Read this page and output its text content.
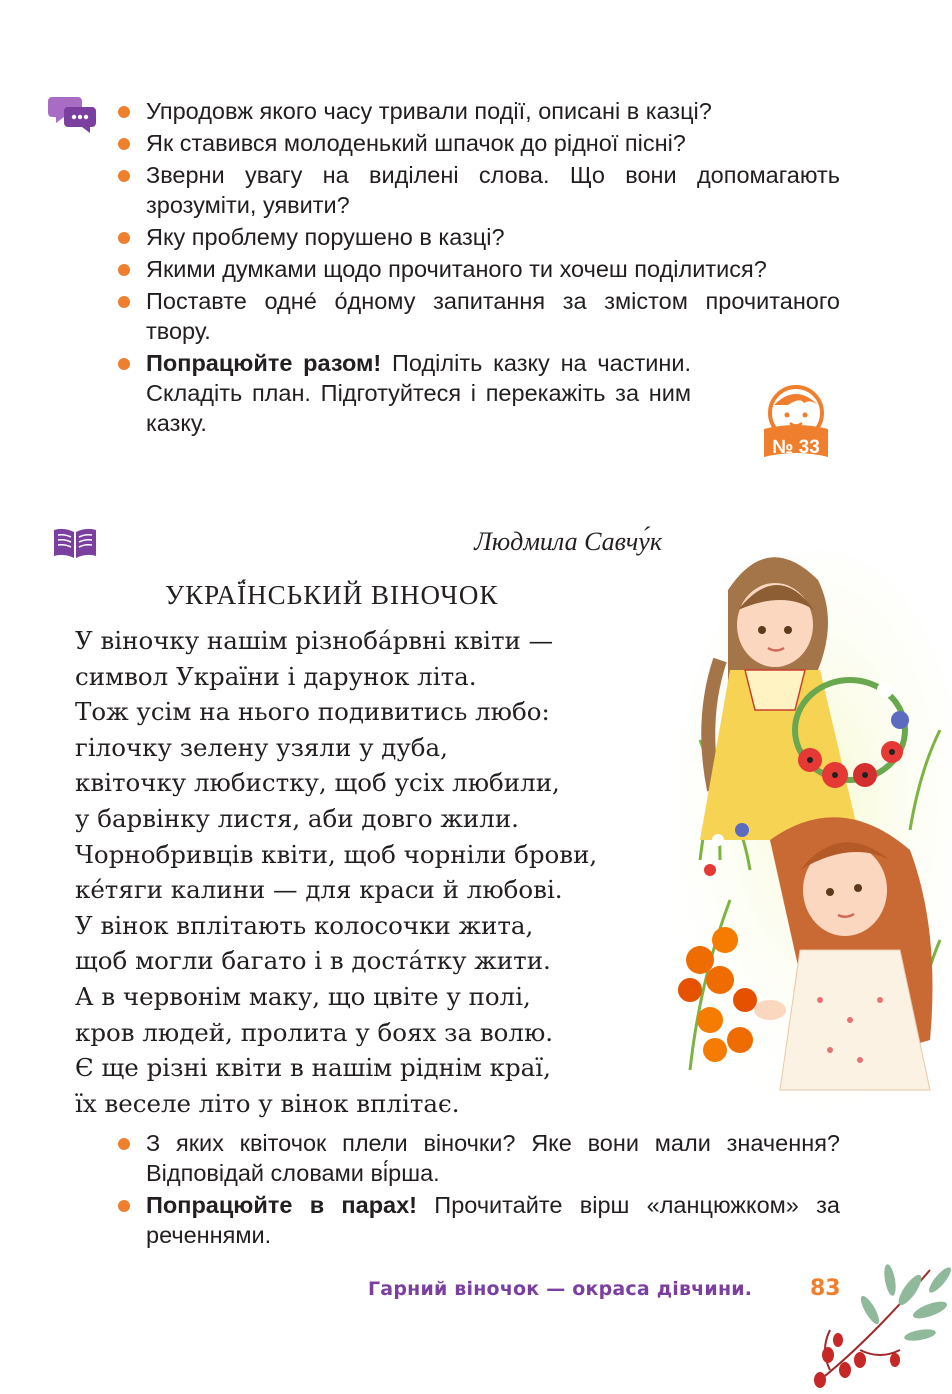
Упродовж якого часу тривали події, описані в казці?
Як ставився молоденький шпачок до рідної пісні?
Зверни увагу на виділені слова. Що вони допомагають зрозуміти, уявити?
Яку проблему порушено в казці?
Якими думками щодо прочитаного ти хочеш поділитися?
Поставте одне́ о́дному запитання за змістом прочитаного твору.
Попрацюйте разом! Поділіть казку на частини. Складіть план. Підготуйтеся і перекажіть за ним казку.
№ 33
Людмила Савчу́к
УКРАЇ́НСЬКИЙ ВІНОЧОК
У віночку нашім різноба́рвні квіти —
символ України і дарунок літа.
Тож усім на нього подивитись любо:
гілочку зелену узяли у дуба,
квіточку любистку, щоб усіх любили,
у барвінку листя, аби довго жили.
Чорнобривців квіти, щоб чорніли брови,
ке́тяги калини — для краси й любові.
У вінок вплітають колосочки жита,
щоб могли багато і в доста́тку жити.
А в червонім маку, що цвіте у полі,
кров людей, пролита у боях за волю.
Є ще різні квіти в нашім ріднім краї,
їх веселе літо у вінок вплітає.
З яких квіточок плели віночки? Яке вони мали значення? Відповідай словами ві́рша.
Попрацюйте в парах! Прочитайте вірш «ланцюжком» за реченнями.
Гарний віночок — окраса дівчини.	83
